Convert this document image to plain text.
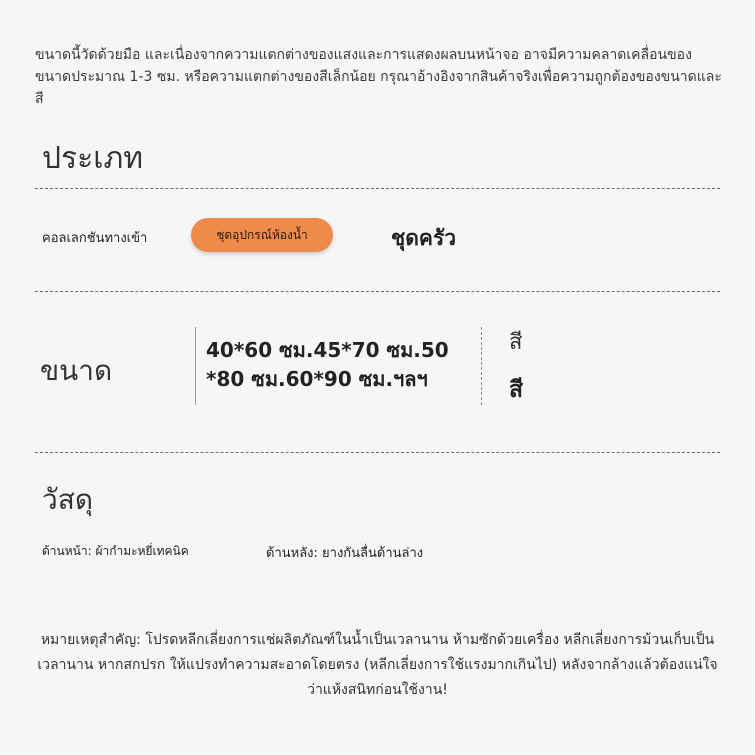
ขนาดนี้วัดด้วยมือ และเนื่องจากความแตกต่างของแสงและการแสดงผลบนหน้าจอ อาจมีความคลาดเคลื่อนของขนาดประมาณ 1-3 ซม. หรือความแตกต่างของสีเล็กน้อย กรุณาอ้างอิงจากสินค้าจริงเพื่อความถูกต้องของขนาดและสี
ประเภท
คอลเลกชันทางเข้า	ชุดอุปกรณ์ห้องน้ำ	ชุดครัว
ขนาด
40*60 ซม.45*70 ซม.50
*80 ซม.60*90 ซม.ฯลฯ
สี
สี
วัสดุ
ด้านหน้า: ผ้ากำมะหยี่เทคนิค	ด้านหลัง: ยางกันลื่นด้านล่าง
หมายเหตุสำคัญ: โปรดหลีกเลี่ยงการแช่ผลิตภัณฑ์ในน้ำเป็นเวลานาน ห้ามซักด้วยเครื่อง หลีกเลี่ยงการม้วนเก็บเป็นเวลานาน หากสกปรก ให้แปรงทำความสะอาดโดยตรง (หลีกเลี่ยงการใช้แรงมากเกินไป) หลังจากล้างแล้วต้องแน่ใจว่าแห้งสนิทก่อนใช้งาน!
